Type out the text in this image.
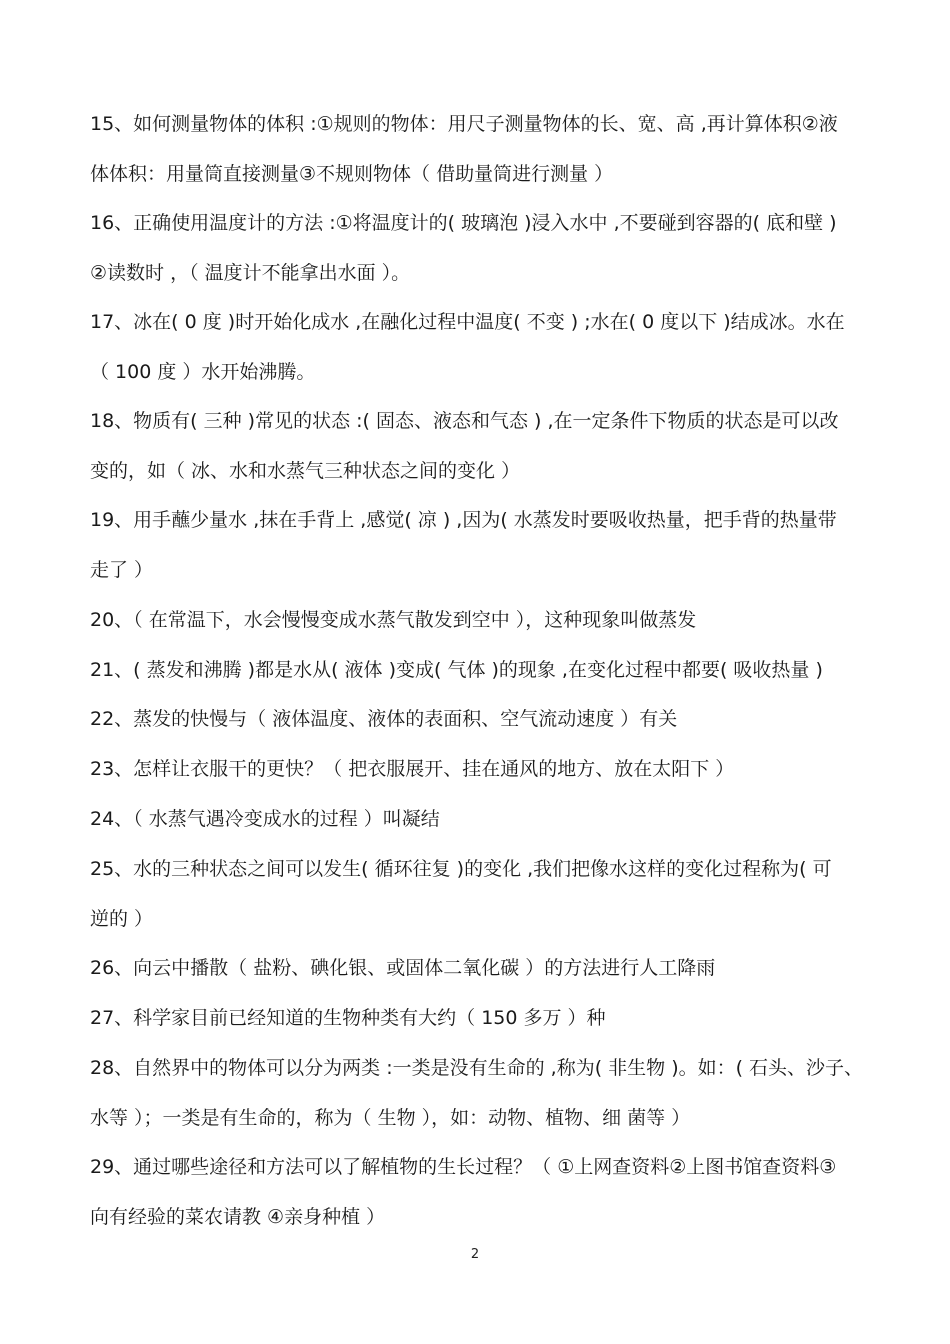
15、如何测量物体的体积 :①规则的物体：用尺子测量物体的长、宽、高 ,再计算体积②液
体体积：用量筒直接测量③不规则物体（ 借助量筒进行测量 ）

16、正确使用温度计的方法 :①将温度计的( 玻璃泡 )浸入水中 ,不要碰到容器的( 底和壁 )
②读数时 ，（ 温度计不能拿出水面 ）。

17、冰在( 0 度 )时开始化成水 ,在融化过程中温度( 不变 ) ;水在( 0 度以下 )结成冰。水在
（ 100 度 ）水开始沸腾。

18、物质有( 三种 )常见的状态 :( 固态、液态和气态 ) ,在一定条件下物质的状态是可以改
变的，如（ 冰、水和水蒸气三种状态之间的变化 ）

19、用手蘸少量水 ,抹在手背上 ,感觉( 凉 ) ,因为( 水蒸发时要吸收热量，把手背的热量带
走了 ）

20、（ 在常温下，水会慢慢变成水蒸气散发到空中 ），这种现象叫做蒸发

21、( 蒸发和沸腾 )都是水从( 液体 )变成( 气体 )的现象 ,在变化过程中都要( 吸收热量 )

22、蒸发的快慢与（ 液体温度、液体的表面积、空气流动速度 ）有关

23、怎样让衣服干的更快？（ 把衣服展开、挂在通风的地方、放在太阳下 ）

24、（ 水蒸气遇冷变成水的过程 ）叫凝结

25、水的三种状态之间可以发生( 循环往复 )的变化 ,我们把像水这样的变化过程称为( 可
逆的 ）

26、向云中播散（ 盐粉、碘化银、或固体二氧化碳 ）的方法进行人工降雨

27、科学家目前已经知道的生物种类有大约（ 150 多万 ）种

28、自然界中的物体可以分为两类 :一类是没有生命的 ,称为( 非生物 )。如：( 石头、沙子、
水等 ）；一类是有生命的，称为（ 生物 ），如：动物、植物、细 菌等 ）

29、通过哪些途径和方法可以了解植物的生长过程？（ ①上网查资料②上图书馆查资料③
向有经验的菜农请教 ④亲身种植 ）

2
